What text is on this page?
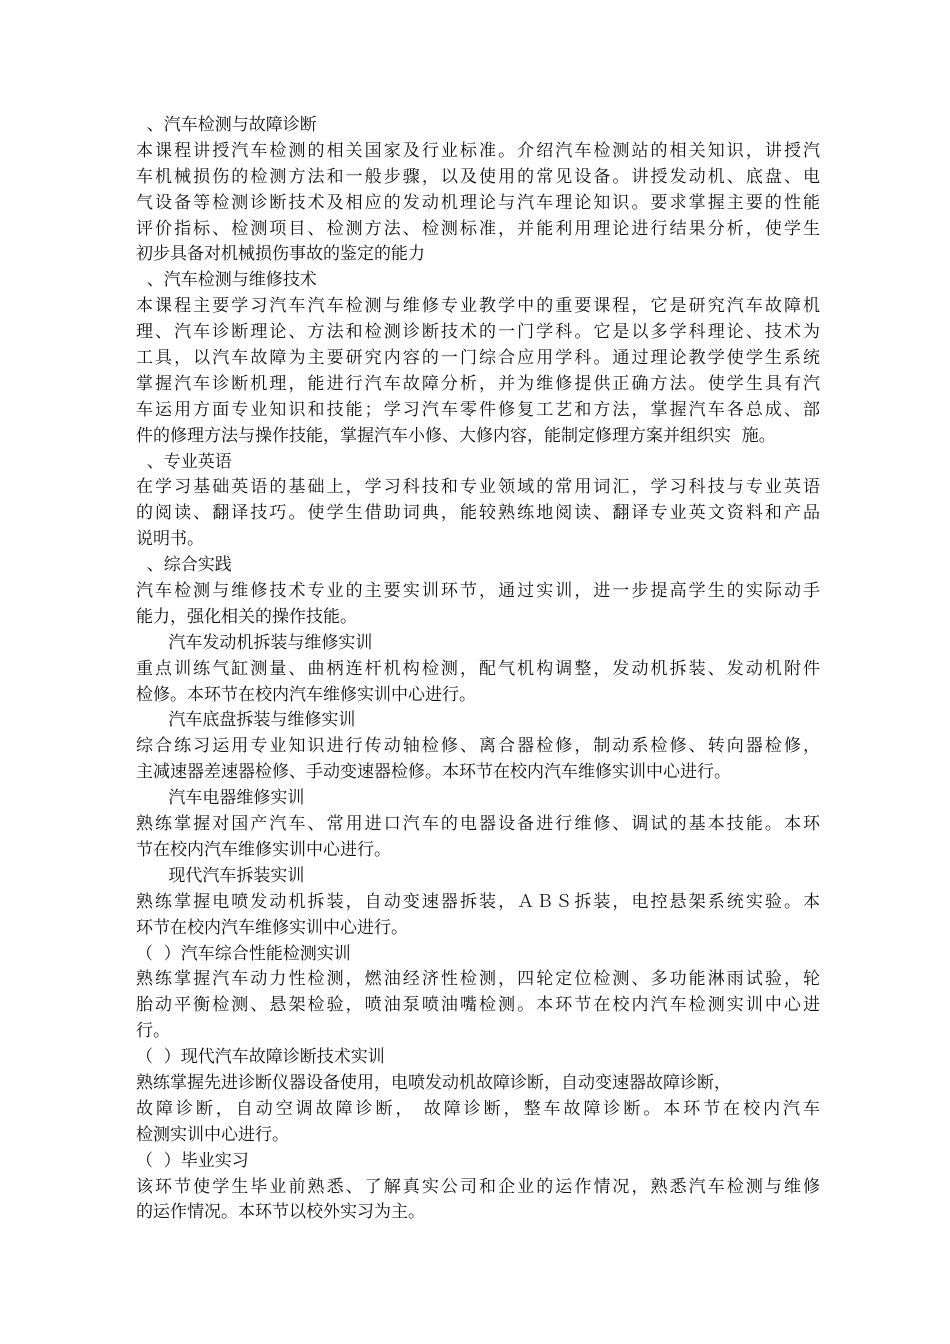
、汽车检测与故障诊断
本课程讲授汽车检测的相关国家及行业标准。介绍汽车检测站的相关知识，讲授汽
车机械损伤的检测方法和一般步骤，以及使用的常见设备。讲授发动机、底盘、电
气设备等检测诊断技术及相应的发动机理论与汽车理论知识。要求掌握主要的性能
评价指标、检测项目、检测方法、检测标准，并能利用理论进行结果分析，使学生
初步具备对机械损伤事故的鉴定的能力
、汽车检测与维修技术
本课程主要学习汽车汽车检测与维修专业教学中的重要课程，它是研究汽车故障机
理、汽车诊断理论、方法和检测诊断技术的一门学科。它是以多学科理论、技术为
工具，以汽车故障为主要研究内容的一门综合应用学科。通过理论教学使学生系统
掌握汽车诊断机理，能进行汽车故障分析，并为维修提供正确方法。使学生具有汽
车运用方面专业知识和技能；学习汽车零件修复工艺和方法，掌握汽车各总成、部
件的修理方法与操作技能，掌握汽车小修、大修内容，能制定修理方案并组织实  施。
、专业英语
在学习基础英语的基础上，学习科技和专业领域的常用词汇，学习科技与专业英语
的阅读、翻译技巧。使学生借助词典，能较熟练地阅读、翻译专业英文资料和产品
说明书。
、综合实践
汽车检测与维修技术专业的主要实训环节，通过实训，进一步提高学生的实际动手
能力，强化相关的操作技能。
汽车发动机拆装与维修实训
重点训练气缸测量、曲柄连杆机构检测，配气机构调整，发动机拆装、发动机附件
检修。本环节在校内汽车维修实训中心进行。
汽车底盘拆装与维修实训
综合练习运用专业知识进行传动轴检修、离合器检修，制动系检修、转向器检修，
主减速器差速器检修、手动变速器检修。本环节在校内汽车维修实训中心进行。
汽车电器维修实训
熟练掌握对国产汽车、常用进口汽车的电器设备进行维修、调试的基本技能。本环
节在校内汽车维修实训中心进行。
现代汽车拆装实训
熟练掌握电喷发动机拆装，自动变速器拆装，ＡＢＳ拆装，电控悬架系统实验。本
环节在校内汽车维修实训中心进行。
（  ）汽车综合性能检测实训
熟练掌握汽车动力性检测，燃油经济性检测，四轮定位检测、多功能淋雨试验，轮
胎动平衡检测、悬架检验，喷油泵喷油嘴检测。本环节在校内汽车检测实训中心进
行。
（  ）现代汽车故障诊断技术实训
熟练掌握先进诊断仪器设备使用，电喷发动机故障诊断，自动变速器故障诊断，
故障诊断，自动空调故障诊断， 故障诊断，整车故障诊断。本环节在校内汽车
检测实训中心进行。
（  ）毕业实习
该环节使学生毕业前熟悉、了解真实公司和企业的运作情况，熟悉汽车检测与维修
的运作情况。本环节以校外实习为主。
